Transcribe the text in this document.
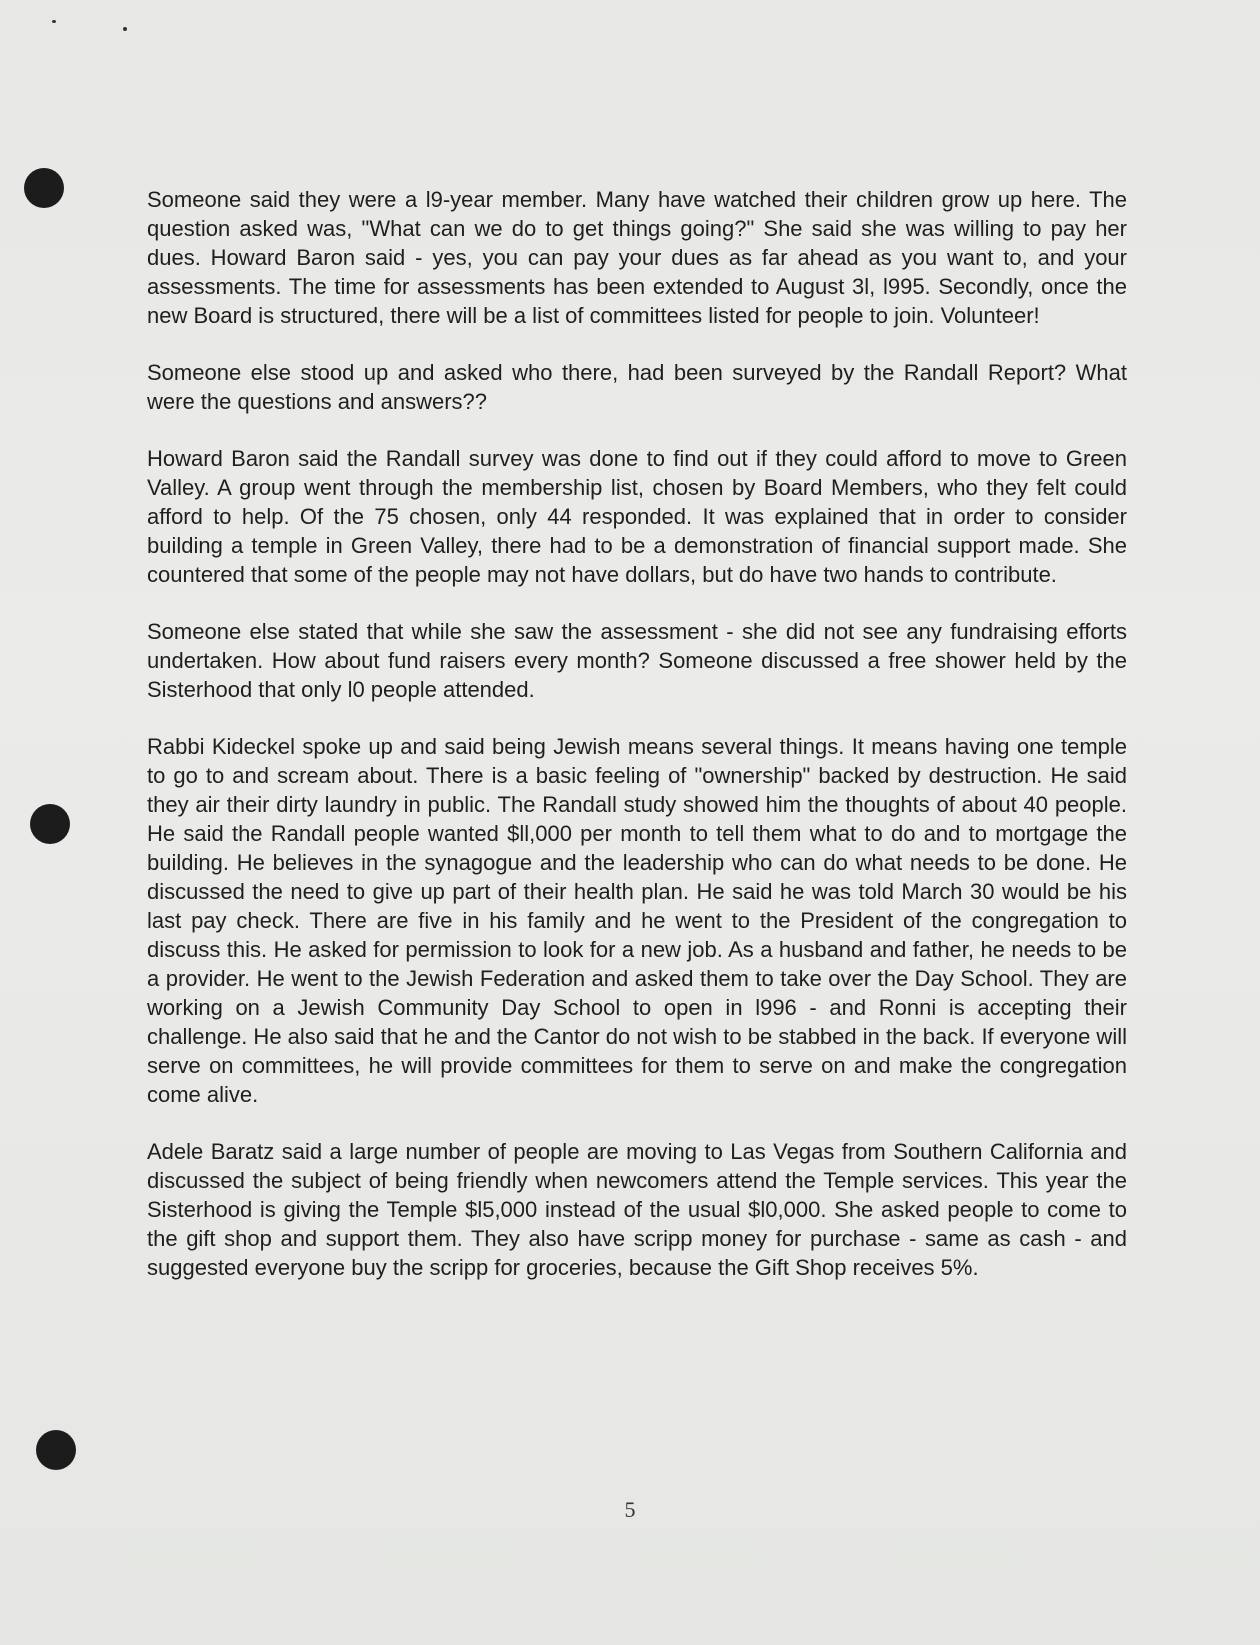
Someone said they were a l9-year member. Many have watched their children grow up here. The question asked was, "What can we do to get things going?" She said she was willing to pay her dues. Howard Baron said - yes, you can pay your dues as far ahead as you want to, and your assessments. The time for assessments has been extended to August 3l, l995. Secondly, once the new Board is structured, there will be a list of committees listed for people to join. Volunteer!

Someone else stood up and asked who there, had been surveyed by the Randall Report? What were the questions and answers??

Howard Baron said the Randall survey was done to find out if they could afford to move to Green Valley. A group went through the membership list, chosen by Board Members, who they felt could afford to help. Of the 75 chosen, only 44 responded. It was explained that in order to consider building a temple in Green Valley, there had to be a demonstration of financial support made. She countered that some of the people may not have dollars, but do have two hands to contribute.

Someone else stated that while she saw the assessment - she did not see any fundraising efforts undertaken. How about fund raisers every month? Someone discussed a free shower held by the Sisterhood that only l0 people attended.

Rabbi Kideckel spoke up and said being Jewish means several things. It means having one temple to go to and scream about. There is a basic feeling of "ownership" backed by destruction. He said they air their dirty laundry in public. The Randall study showed him the thoughts of about 40 people. He said the Randall people wanted $ll,000 per month to tell them what to do and to mortgage the building. He believes in the synagogue and the leadership who can do what needs to be done. He discussed the need to give up part of their health plan. He said he was told March 30 would be his last pay check. There are five in his family and he went to the President of the congregation to discuss this. He asked for permission to look for a new job. As a husband and father, he needs to be a provider. He went to the Jewish Federation and asked them to take over the Day School. They are working on a Jewish Community Day School to open in l996 - and Ronni is accepting their challenge. He also said that he and the Cantor do not wish to be stabbed in the back. If everyone will serve on committees, he will provide committees for them to serve on and make the congregation come alive.

Adele Baratz said a large number of people are moving to Las Vegas from Southern California and discussed the subject of being friendly when newcomers attend the Temple services. This year the Sisterhood is giving the Temple $l5,000 instead of the usual $l0,000. She asked people to come to the gift shop and support them. They also have scripp money for purchase - same as cash - and suggested everyone buy the scripp for groceries, because the Gift Shop receives 5%.

5
